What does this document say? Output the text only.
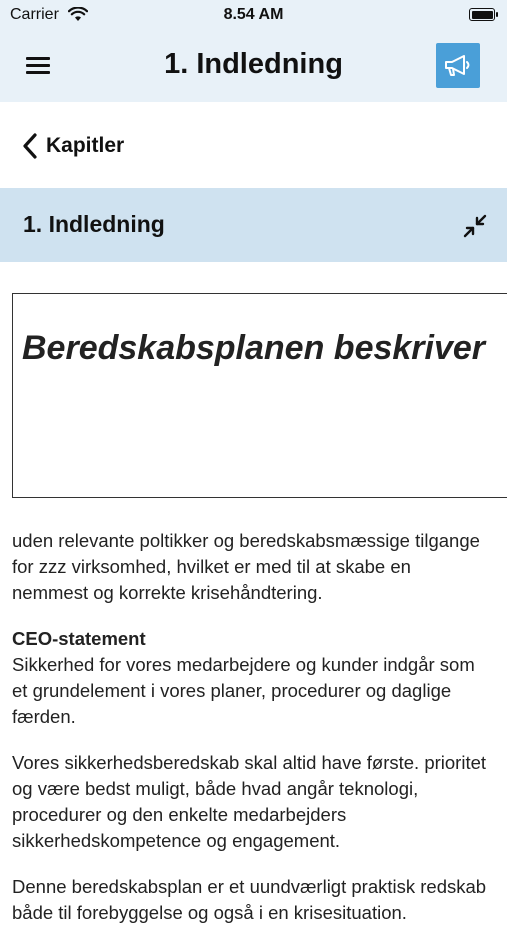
Carrier	8.54 AM
1. Indledning
Kapitler
1. Indledning
Beredskabsplanen beskriver

uden relevante poltikker og beredskabsmæssige tilgange for zzz virksomhed, hvilket er med til at skabe en nemmest og korrekte krisehåndtering.

CEO-statement
Sikkerhed for vores medarbejdere og kunder indgår som et grundelement i vores planer, procedurer og daglige færden.

Vores sikkerhedsberedskab skal altid have første. prioritet og være bedst muligt, både hvad angår teknologi, procedurer og den enkelte medarbejders sikkerhedskompetence og engagement.

Denne beredskabsplan er et uundværligt praktisk redskab både til forebyggelse og også i en krisesituation.
